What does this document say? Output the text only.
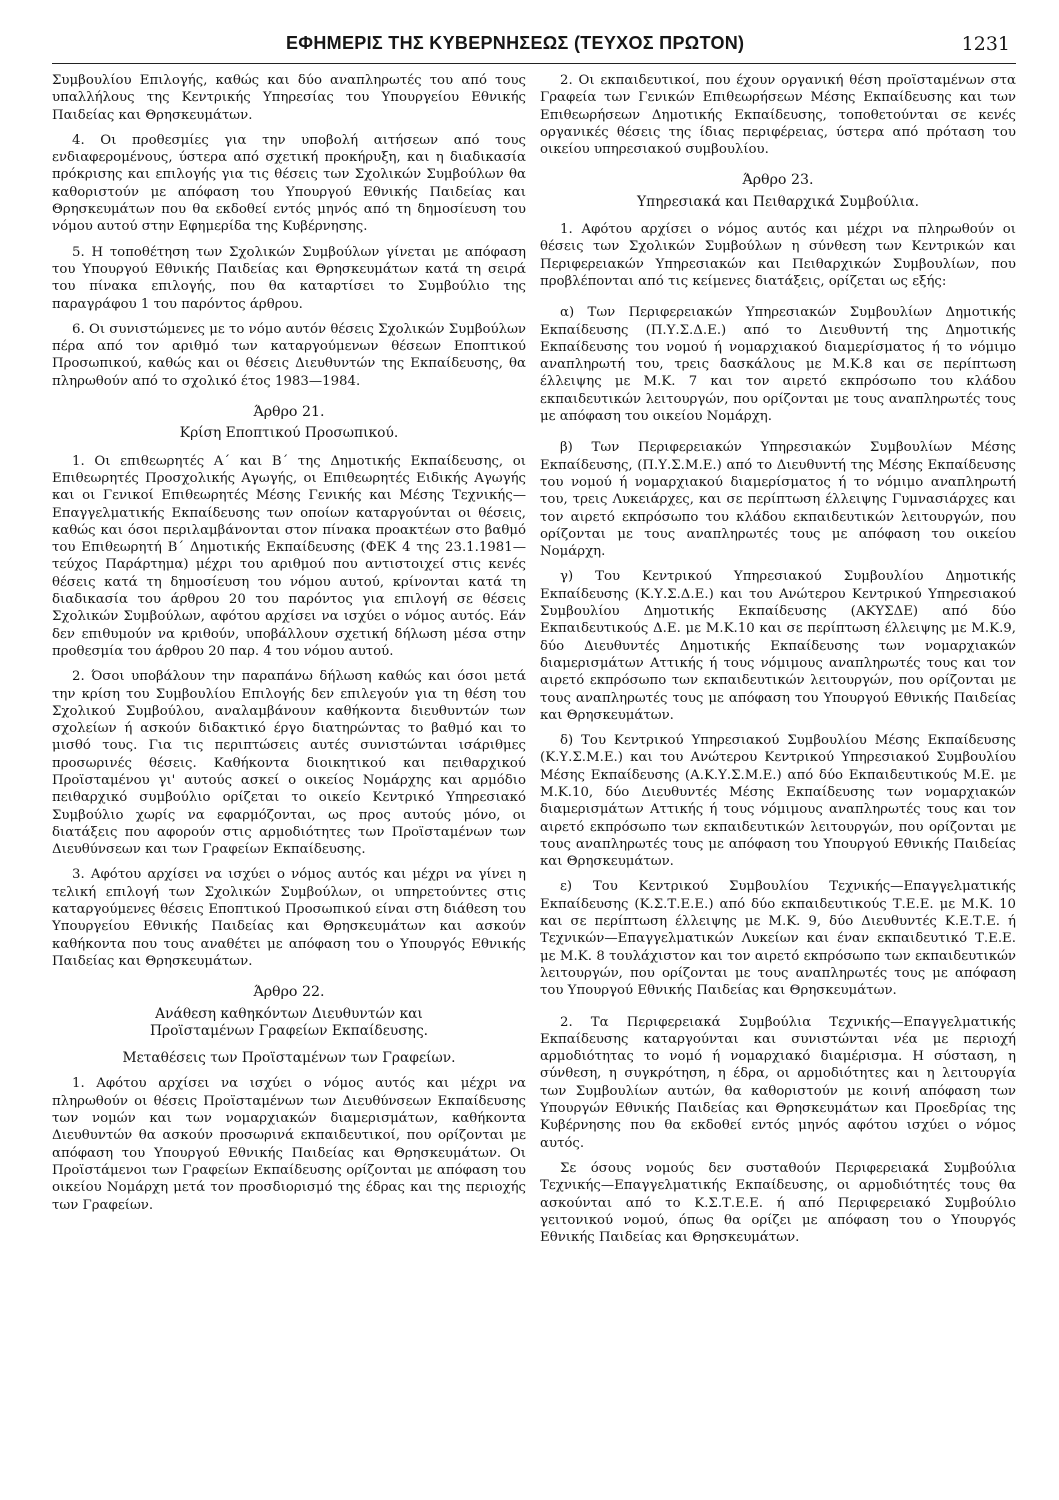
ΕΦΗΜΕΡΙΣ ΤΗΣ ΚΥΒΕΡΝΗΣΕΩΣ (ΤΕΥΧΟΣ ΠΡΩΤΟΝ)	1231

Συμβουλίου Επιλογής, καθώς και δύο αναπληρωτές του από τους υπαλλήλους της Κεντρικής Υπηρεσίας του Υπουργείου Εθνικής Παιδείας και Θρησκευμάτων.

4. Οι προθεσμίες για την υποβολή αιτήσεων από τους ενδιαφερομένους, ύστερα από σχετική προκήρυξη, και η διαδικασία πρόκρισης και επιλογής για τις θέσεις των Σχολικών Συμβούλων θα καθοριστούν με απόφαση του Υπουργού Εθνικής Παιδείας και Θρησκευμάτων που θα εκδοθεί εντός μηνός από τη δημοσίευση του νόμου αυτού στην Εφημερίδα της Κυβέρνησης.

5. Η τοποθέτηση των Σχολικών Συμβούλων γίνεται με απόφαση του Υπουργού Εθνικής Παιδείας και Θρησκευμάτων κατά τη σειρά του πίνακα επιλογής, που θα καταρτίσει το Συμβούλιο της παραγράφου 1 του παρόντος άρθρου.

6. Οι συνιστώμενες με το νόμο αυτόν θέσεις Σχολικών Συμβούλων πέρα από τον αριθμό των καταργούμενων θέσεων Εποπτικού Προσωπικού, καθώς και οι θέσεις Διευθυντών της Εκπαίδευσης, θα πληρωθούν από το σχολικό έτος 1983—1984.

Άρθρο 21.
Κρίση Εποπτικού Προσωπικού.

1. Οι επιθεωρητές Α΄ και Β΄ της Δημοτικής Εκπαίδευσης, οι Επιθεωρητές Προσχολικής Αγωγής, οι Επιθεωρητές Ειδικής Αγωγής και οι Γενικοί Επιθεωρητές Μέσης Γενικής και Μέσης Τεχνικής—Επαγγελματικής Εκπαίδευσης των οποίων καταργούνται οι θέσεις, καθώς και όσοι περιλαμβάνονται στον πίνακα προακτέων στο βαθμό του Επιθεωρητή Β΄ Δημοτικής Εκπαίδευσης (ΦΕΚ 4 της 23.1.1981—τεύχος Παράρτημα) μέχρι του αριθμού που αντιστοιχεί στις κενές θέσεις κατά τη δημοσίευση του νόμου αυτού, κρίνονται κατά τη διαδικασία του άρθρου 20 του παρόντος για επιλογή σε θέσεις Σχολικών Συμβούλων, αφότου αρχίσει να ισχύει ο νόμος αυτός. Εάν δεν επιθυμούν να κριθούν, υποβάλλουν σχετική δήλωση μέσα στην προθεσμία του άρθρου 20 παρ. 4 του νόμου αυτού.

2. Όσοι υποβάλουν την παραπάνω δήλωση καθώς και όσοι μετά την κρίση του Συμβουλίου Επιλογής δεν επιλεγούν για τη θέση του Σχολικού Συμβούλου, αναλαμβάνουν καθήκοντα διευθυντών των σχολείων ή ασκούν διδακτικό έργο διατηρώντας το βαθμό και το μισθό τους. Για τις περιπτώσεις αυτές συνιστώνται ισάριθμες προσωρινές θέσεις. Καθήκοντα διοικητικού και πειθαρχικού Προϊσταμένου γι' αυτούς ασκεί ο οικείος Νομάρχης και αρμόδιο πειθαρχικό συμβούλιο ορίζεται το οικείο Κεντρικό Υπηρεσιακό Συμβούλιο χωρίς να εφαρμόζονται, ως προς αυτούς μόνο, οι διατάξεις που αφορούν στις αρμοδιότητες των Προϊσταμένων των Διευθύνσεων και των Γραφείων Εκπαίδευσης.

3. Αφότου αρχίσει να ισχύει ο νόμος αυτός και μέχρι να γίνει η τελική επιλογή των Σχολικών Συμβούλων, οι υπηρετούντες στις καταργούμενες θέσεις Εποπτικού Προσωπικού είναι στη διάθεση του Υπουργείου Εθνικής Παιδείας και Θρησκευμάτων και ασκούν καθήκοντα που τους αναθέτει με απόφαση του ο Υπουργός Εθνικής Παιδείας και Θρησκευμάτων.

Άρθρο 22.
Ανάθεση καθηκόντων Διευθυντών και
Προϊσταμένων Γραφείων Εκπαίδευσης.
Μεταθέσεις των Προϊσταμένων των Γραφείων.

1. Αφότου αρχίσει να ισχύει ο νόμος αυτός και μέχρι να πληρωθούν οι θέσεις Προϊσταμένων των Διευθύνσεων Εκπαίδευσης των νομών και των νομαρχιακών διαμερισμάτων, καθήκοντα Διευθυντών θα ασκούν προσωρινά εκπαιδευτικοί, που ορίζονται με απόφαση του Υπουργού Εθνικής Παιδείας και Θρησκευμάτων. Οι Προϊστάμενοι των Γραφείων Εκπαίδευσης ορίζονται με απόφαση του οικείου Νομάρχη μετά τον προσδιορισμό της έδρας και της περιοχής των Γραφείων.

2. Οι εκπαιδευτικοί, που έχουν οργανική θέση προϊσταμένων στα Γραφεία των Γενικών Επιθεωρήσεων Μέσης Εκπαίδευσης και των Επιθεωρήσεων Δημοτικής Εκπαίδευσης, τοποθετούνται σε κενές οργανικές θέσεις της ίδιας περιφέρειας, ύστερα από πρόταση του οικείου υπηρεσιακού συμβουλίου.

Άρθρο 23.
Υπηρεσιακά και Πειθαρχικά Συμβούλια.

1. Αφότου αρχίσει ο νόμος αυτός και μέχρι να πληρωθούν οι θέσεις των Σχολικών Συμβούλων η σύνθεση των Κεντρικών και Περιφερειακών Υπηρεσιακών και Πειθαρχικών Συμβουλίων, που προβλέπονται από τις κείμενες διατάξεις, ορίζεται ως εξής:

α) Των Περιφερειακών Υπηρεσιακών Συμβουλίων Δημοτικής Εκπαίδευσης (Π.Υ.Σ.Δ.Ε.) από το Διευθυντή της Δημοτικής Εκπαίδευσης του νομού ή νομαρχιακού διαμερίσματος ή το νόμιμο αναπληρωτή του, τρεις δασκάλους με Μ.Κ.8 και σε περίπτωση έλλειψης με Μ.Κ. 7 και τον αιρετό εκπρόσωπο του κλάδου εκπαιδευτικών λειτουργών, που ορίζονται με τους αναπληρωτές τους με απόφαση του οικείου Νομάρχη.

β) Των Περιφερειακών Υπηρεσιακών Συμβουλίων Μέσης Εκπαίδευσης, (Π.Υ.Σ.Μ.Ε.) από το Διευθυντή της Μέσης Εκπαίδευσης του νομού ή νομαρχιακού διαμερίσματος ή το νόμιμο αναπληρωτή του, τρεις Λυκειάρχες, και σε περίπτωση έλλειψης Γυμνασιάρχες και τον αιρετό εκπρόσωπο του κλάδου εκπαιδευτικών λειτουργών, που ορίζονται με τους αναπληρωτές τους με απόφαση του οικείου Νομάρχη.

γ) Του Κεντρικού Υπηρεσιακού Συμβουλίου Δημοτικής Εκπαίδευσης (Κ.Υ.Σ.Δ.Ε.) και του Ανώτερου Κεντρικού Υπηρεσιακού Συμβουλίου Δημοτικής Εκπαίδευσης (ΑΚΥΣΔΕ) από δύο Εκπαιδευτικούς Δ.Ε. με Μ.Κ.10 και σε περίπτωση έλλειψης με Μ.Κ.9, δύο Διευθυντές Δημοτικής Εκπαίδευσης των νομαρχιακών διαμερισμάτων Αττικής ή τους νόμιμους αναπληρωτές τους και τον αιρετό εκπρόσωπο των εκπαιδευτικών λειτουργών, που ορίζονται με τους αναπληρωτές τους με απόφαση του Υπουργού Εθνικής Παιδείας και Θρησκευμάτων.

δ) Του Κεντρικού Υπηρεσιακού Συμβουλίου Μέσης Εκπαίδευσης (Κ.Υ.Σ.Μ.Ε.) και του Ανώτερου Κεντρικού Υπηρεσιακού Συμβουλίου Μέσης Εκπαίδευσης (Α.Κ.Υ.Σ.Μ.Ε.) από δύο Εκπαιδευτικούς Μ.Ε. με Μ.Κ.10, δύο Διευθυντές Μέσης Εκπαίδευσης των νομαρχιακών διαμερισμάτων Αττικής ή τους νόμιμους αναπληρωτές τους και τον αιρετό εκπρόσωπο των εκπαιδευτικών λειτουργών, που ορίζονται με τους αναπληρωτές τους με απόφαση του Υπουργού Εθνικής Παιδείας και Θρησκευμάτων.

ε) Του Κεντρικού Συμβουλίου Τεχνικής—Επαγγελματικής Εκπαίδευσης (Κ.Σ.Τ.Ε.Ε.) από δύο εκπαιδευτικούς Τ.Ε.Ε. με Μ.Κ. 10 και σε περίπτωση έλλειψης με Μ.Κ. 9, δύο Διευθυντές Κ.Ε.Τ.Ε. ή Τεχνικών—Επαγγελματικών Λυκείων και έναν εκπαιδευτικό Τ.Ε.Ε. με Μ.Κ. 8 τουλάχιστον και τον αιρετό εκπρόσωπο των εκπαιδευτικών λειτουργών, που ορίζονται με τους αναπληρωτές τους με απόφαση του Υπουργού Εθνικής Παιδείας και Θρησκευμάτων.

2. Τα Περιφερειακά Συμβούλια Τεχνικής—Επαγγελματικής Εκπαίδευσης καταργούνται και συνιστώνται νέα με περιοχή αρμοδιότητας το νομό ή νομαρχιακό διαμέρισμα. Η σύσταση, η σύνθεση, η συγκρότηση, η έδρα, οι αρμοδιότητες και η λειτουργία των Συμβουλίων αυτών, θα καθοριστούν με κοινή απόφαση των Υπουργών Εθνικής Παιδείας και Θρησκευμάτων και Προεδρίας της Κυβέρνησης που θα εκδοθεί εντός μηνός αφότου ισχύει ο νόμος αυτός.

Σε όσους νομούς δεν συσταθούν Περιφερειακά Συμβούλια Τεχνικής—Επαγγελματικής Εκπαίδευσης, οι αρμοδιότητές τους θα ασκούνται από το Κ.Σ.Τ.Ε.Ε. ή από Περιφερειακό Συμβούλιο γειτονικού νομού, όπως θα ορίζει με απόφαση του ο Υπουργός Εθνικής Παιδείας και Θρησκευμάτων.
